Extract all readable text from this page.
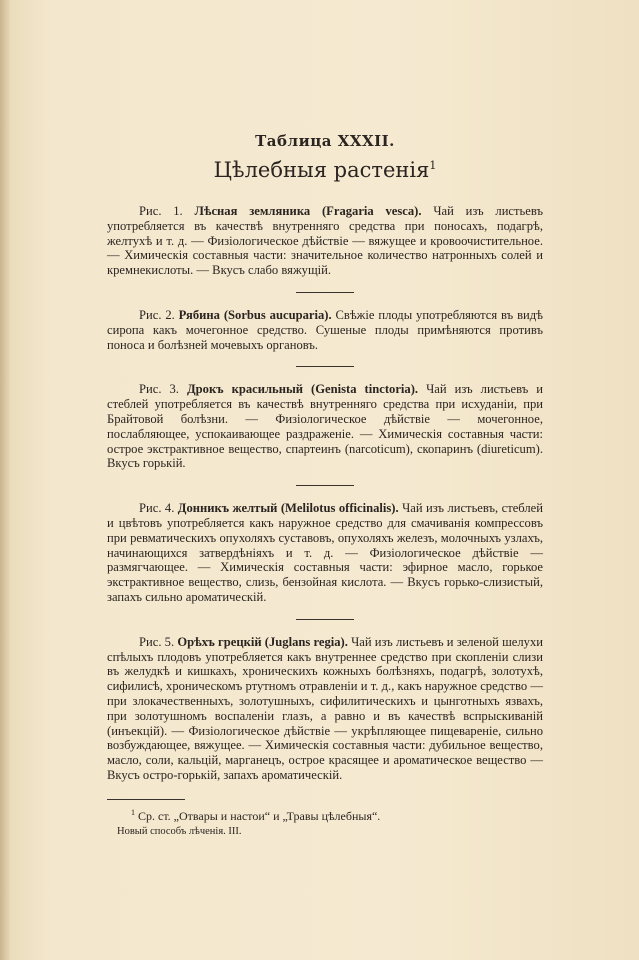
Таблица XXXII.
Цѣлебныя растенія$^1$

Рис. 1. Лѣсная земляника (Fragaria vesca). Чай изъ листьевъ употребляется въ качествѣ внутренняго средства при поносахъ, подагрѣ, желтухѣ и т. д. — Физіологическое дѣйствіе — вяжущее и кровоочистительное. — Химическія составныя части: значительное количество натронныхъ солей и кремнекислоты. — Вкусъ слабо вяжущій.

Рис. 2. Рябина (Sorbus aucuparia). Свѣжіе плоды употребляются въ видѣ сиропа какъ мочегонное средство. Сушеные плоды примѣняются противъ поноса и болѣзней мочевыхъ органовъ.

Рис. 3. Дрокъ красильный (Genista tinctoria). Чай изъ листьевъ и стеблей употребляется въ качествѣ внутренняго средства при исхуданіи, при Брайтовой болѣзни. — Физіологическое дѣйствіе — мочегонное, послабляющее, успокаивающее раздраженіе. — Химическія составныя части: острое экстрактивное вещество, спартеинъ (narcoticum), скопаринъ (diureticum). Вкусъ горькій.

Рис. 4. Донникъ желтый (Melilotus officinalis). Чай изъ листьевъ, стеблей и цвѣтовъ употребляется какъ наружное средство для смачиванія компрессовъ при ревматическихъ опухоляхъ суставовъ, опухоляхъ железъ, молочныхъ узлахъ, начинающихся затвердѣніяхъ и т. д. — Физіологическое дѣйствіе — размягчающее. — Химическія составныя части: эфирное масло, горькое экстрактивное вещество, слизь, бензойная кислота. — Вкусъ горько-слизистый, запахъ сильно ароматическій.

Рис. 5. Орѣхъ грецкій (Juglans regia). Чай изъ листьевъ и зеленой шелухи спѣлыхъ плодовъ употребляется какъ внутреннее средство при скопленіи слизи въ желудкѣ и кишкахъ, хроническихъ кожныхъ болѣзняхъ, подагрѣ, золотухѣ, сифилисѣ, хроническомъ ртутномъ отравленіи и т. д., какъ наружное средство — при злокачественныхъ, золотушныхъ, сифилитическихъ и цынготныхъ язвахъ, при золотушномъ воспаленіи глазъ, а равно и въ качествѣ вспрыскиваній (инъекцій). — Физіологическое дѣйствіе — укрѣпляющее пищевареніе, сильно возбуждающее, вяжущее. — Химическія составныя части: дубильное вещество, масло, соли, кальцій, марганецъ, острое красящее и ароматическое вещество — Вкусъ остро-горькій, запахъ ароматическій.

$^1$ Ср. ст. „Отвары и настои“ и „Травы цѣлебныя“.

Новый способъ лѣченія. III.
